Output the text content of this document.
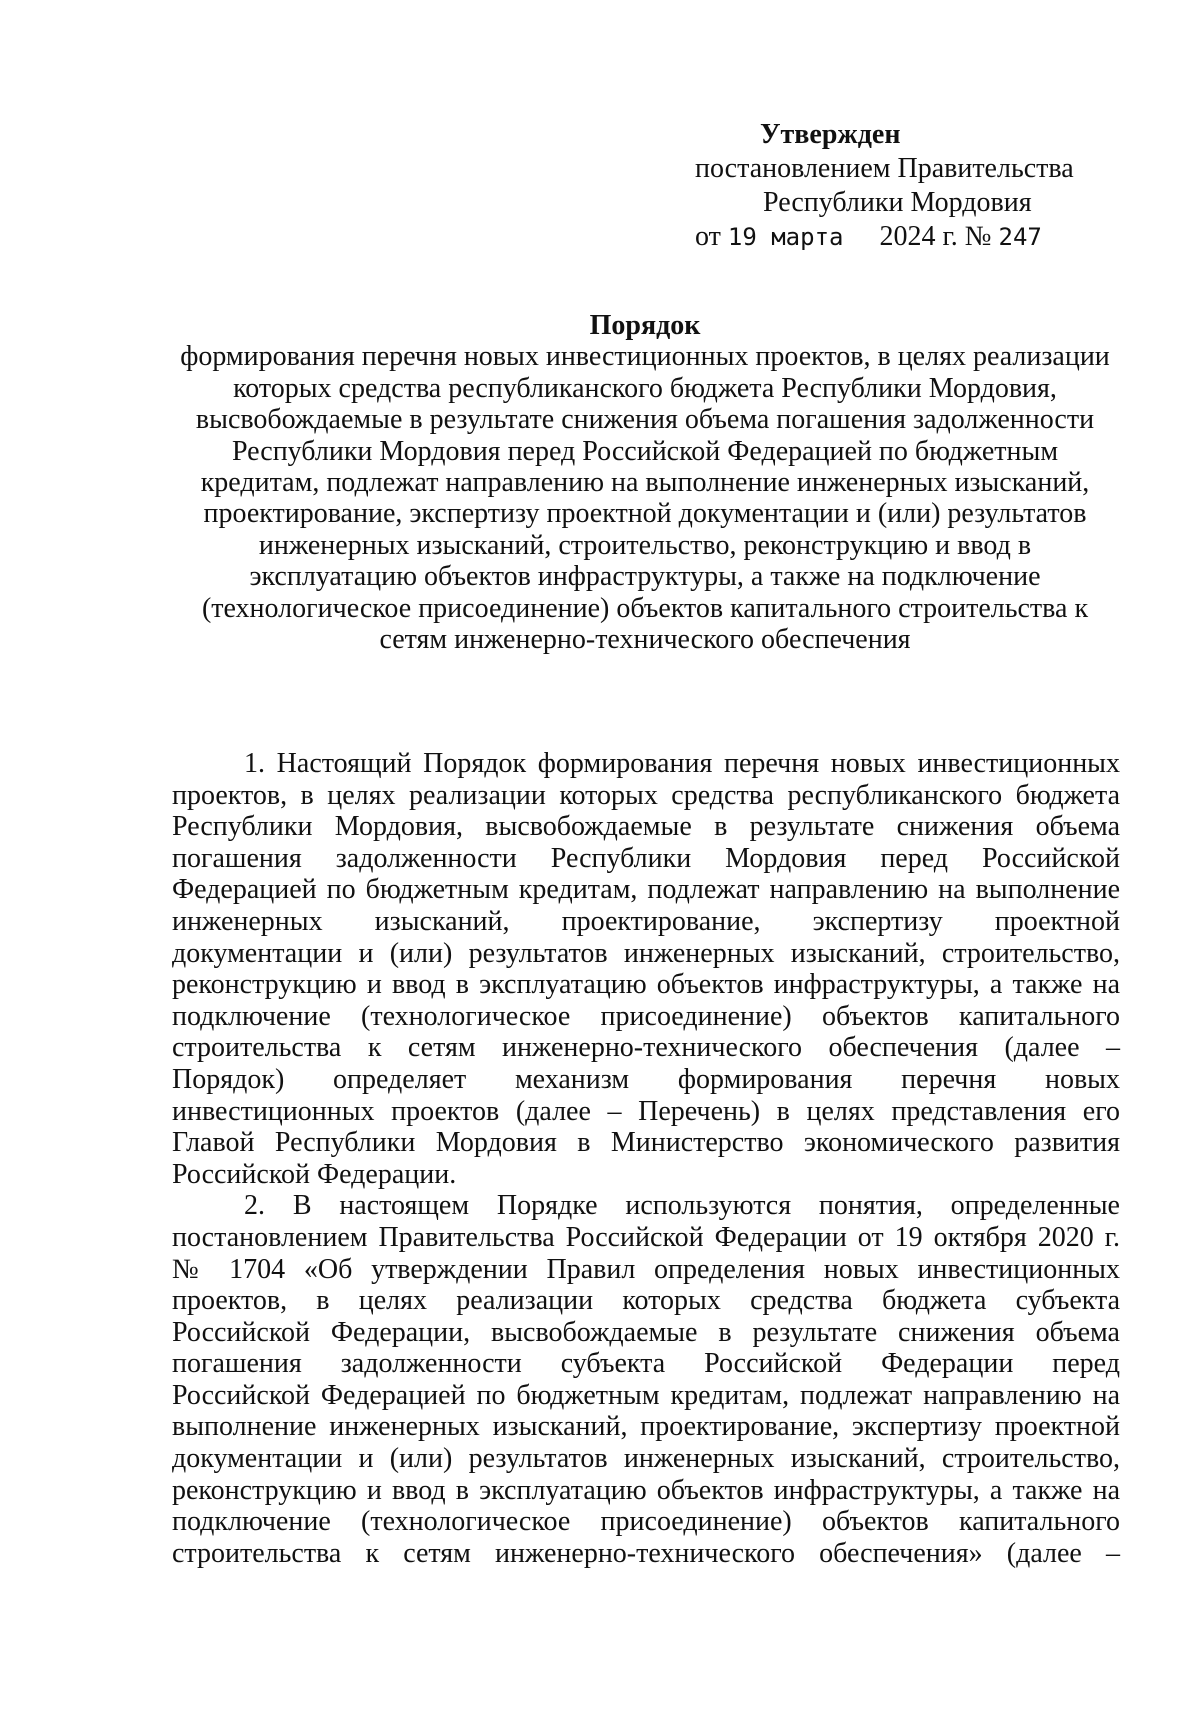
Утвержден
постановлением Правительства
Республики Мордовия
от 19 марта 2024 г. № 247
Порядок
формирования перечня новых инвестиционных проектов, в целях реализации
которых средства республиканского бюджета Республики Мордовия,
высвобождаемые в результате снижения объема погашения задолженности
Республики Мордовия перед Российской Федерацией по бюджетным
кредитам, подлежат направлению на выполнение инженерных изысканий,
проектирование, экспертизу проектной документации и (или) результатов
инженерных изысканий, строительство, реконструкцию и ввод в
эксплуатацию объектов инфраструктуры, а также на подключение
(технологическое присоединение) объектов капитального строительства к
сетям инженерно-технического обеспечения
1. Настоящий Порядок формирования перечня новых инвестиционных
проектов, в целях реализации которых средства республиканского бюджета
Республики Мордовия, высвобождаемые в результате снижения объема
погашения задолженности Республики Мордовия перед Российской
Федерацией по бюджетным кредитам, подлежат направлению на выполнение
инженерных изысканий, проектирование, экспертизу проектной
документации и (или) результатов инженерных изысканий, строительство,
реконструкцию и ввод в эксплуатацию объектов инфраструктуры, а также на
подключение (технологическое присоединение) объектов капитального
строительства к сетям инженерно-технического обеспечения (далее –
Порядок) определяет механизм формирования перечня новых
инвестиционных проектов (далее – Перечень) в целях представления его
Главой Республики Мордовия в Министерство экономического развития
Российской Федерации.
2. В настоящем Порядке используются понятия, определенные
постановлением Правительства Российской Федерации от 19 октября 2020 г.
№ 1704 «Об утверждении Правил определения новых инвестиционных
проектов, в целях реализации которых средства бюджета субъекта
Российской Федерации, высвобождаемые в результате снижения объема
погашения задолженности субъекта Российской Федерации перед
Российской Федерацией по бюджетным кредитам, подлежат направлению на
выполнение инженерных изысканий, проектирование, экспертизу проектной
документации и (или) результатов инженерных изысканий, строительство,
реконструкцию и ввод в эксплуатацию объектов инфраструктуры, а также на
подключение (технологическое присоединение) объектов капитального
строительства к сетям инженерно-технического обеспечения» (далее –
